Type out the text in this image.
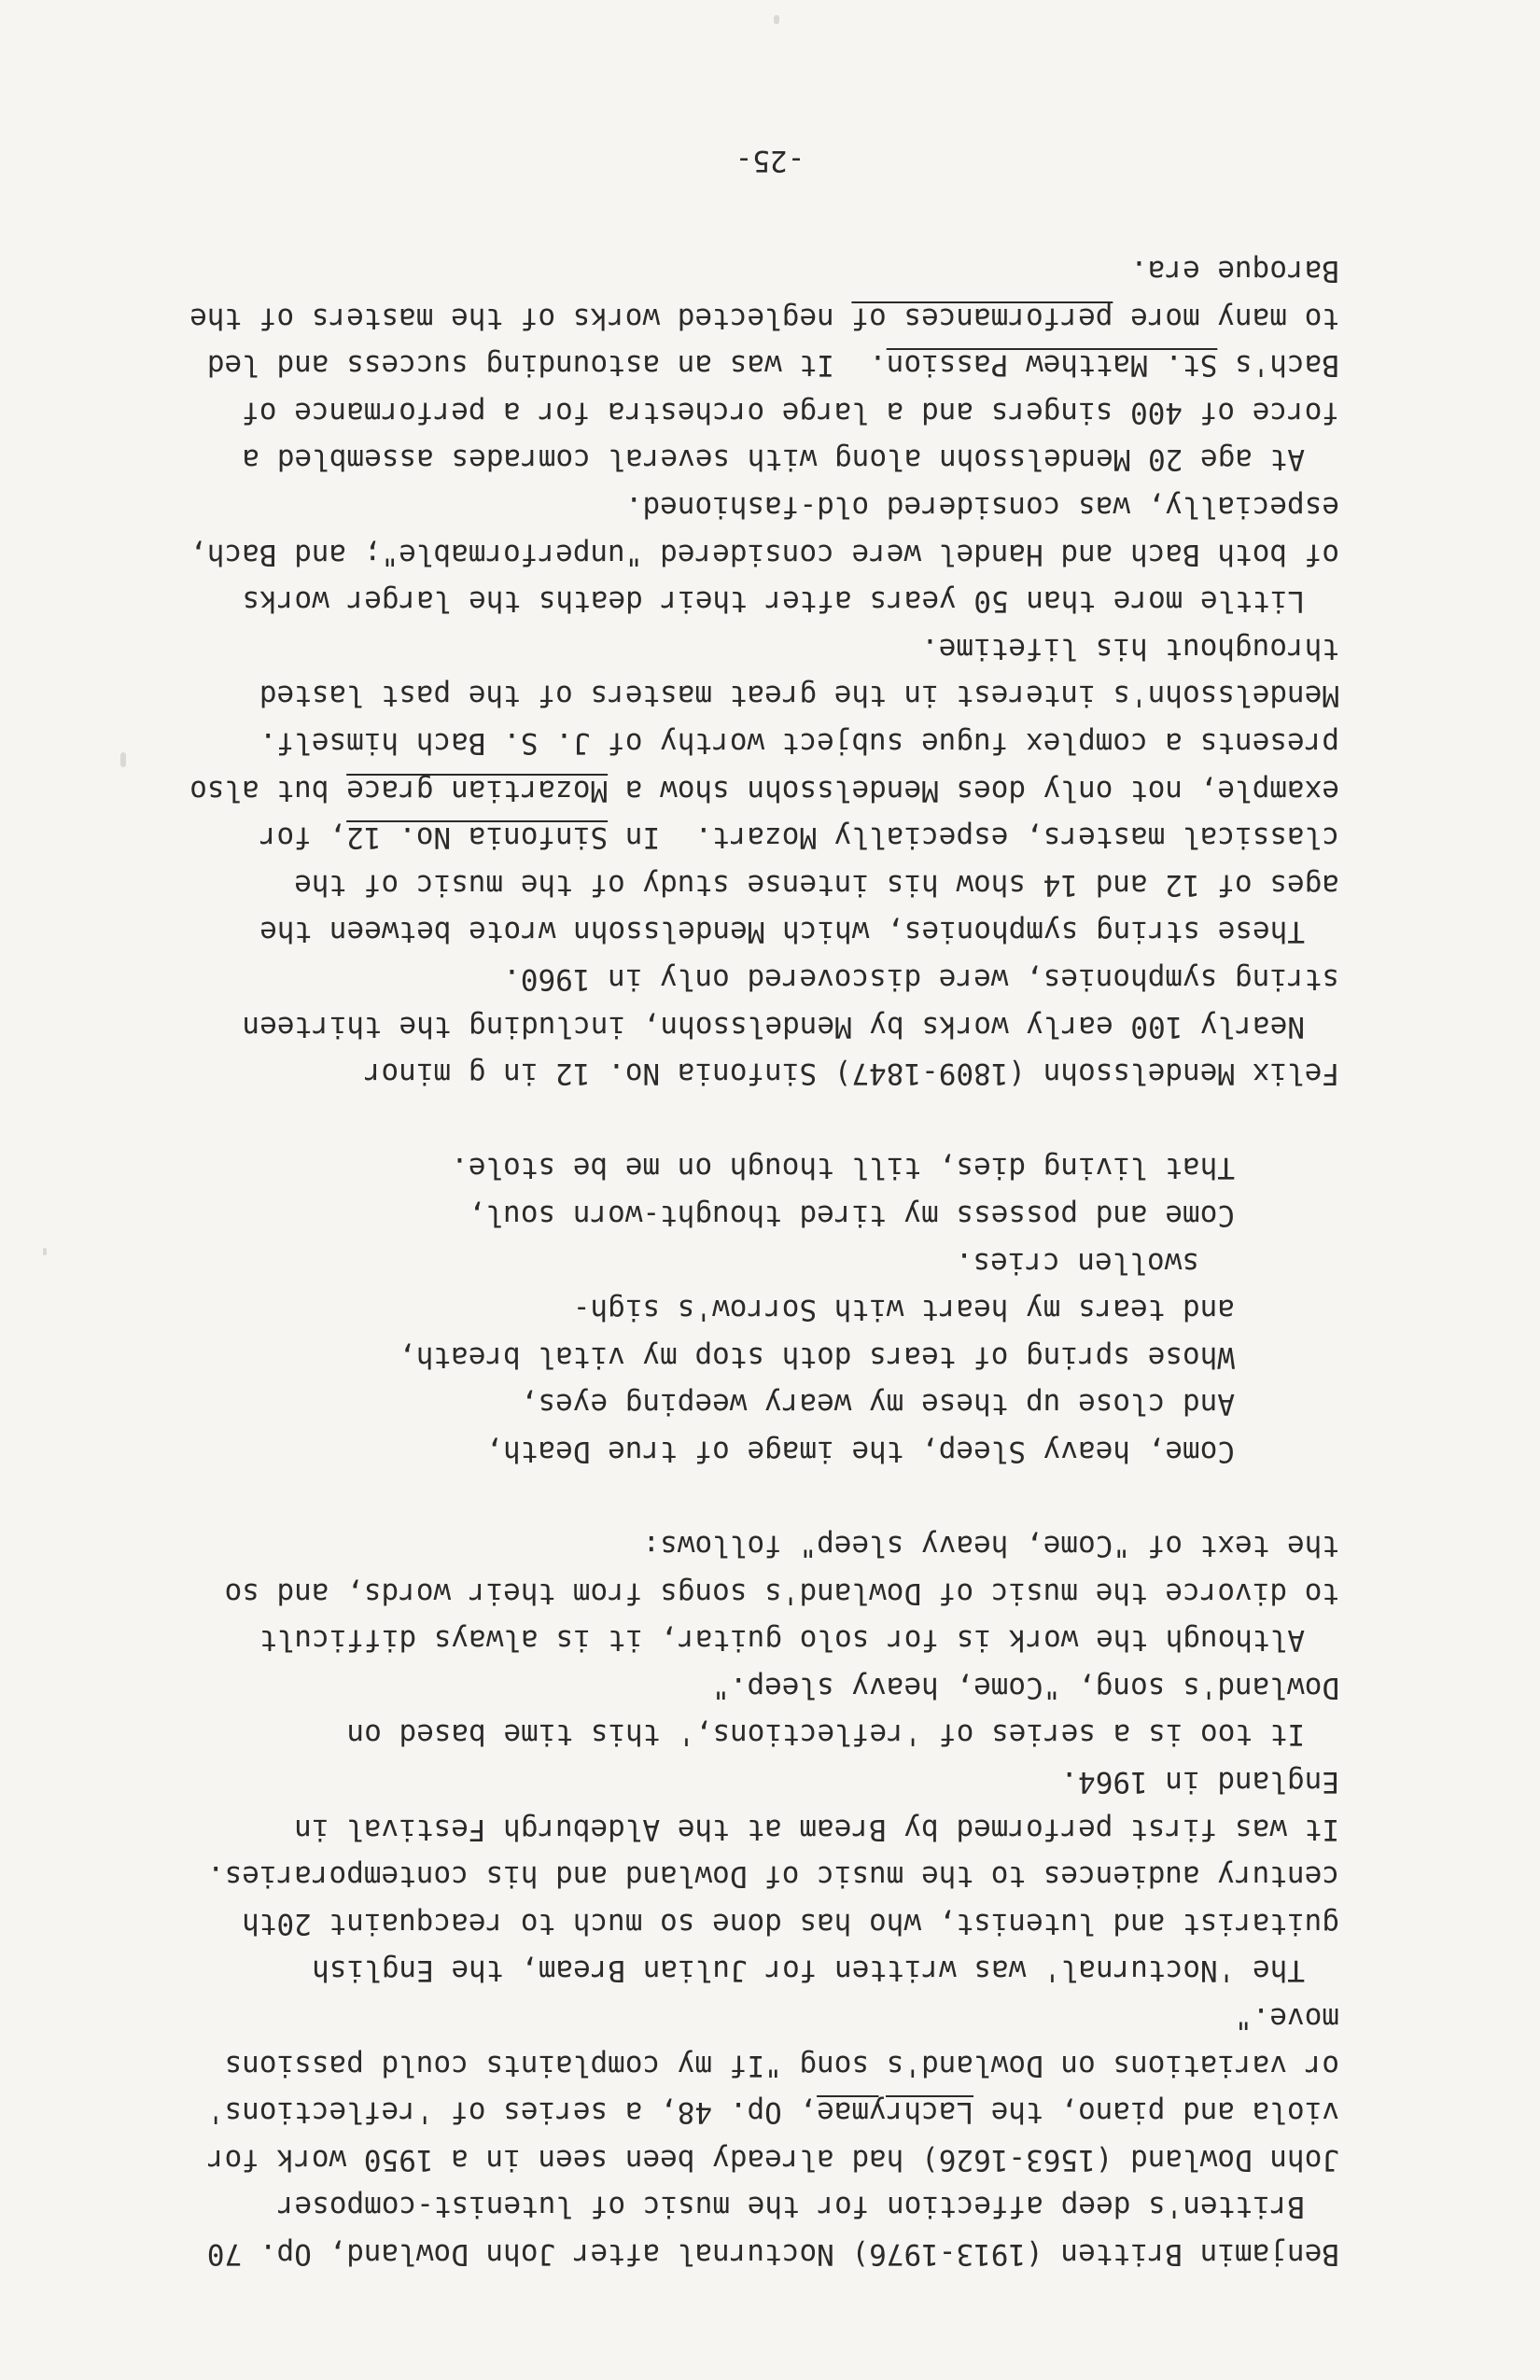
Benjamin Britten (1913-1976) Nocturnal after John Dowland, Op. 70
Britten's deep affection for the music of lutenist-composer
John Dowland (1563-1626) had already been seen in a 1950 work for
viola and piano, the Lachrymae, Op. 48, a series of 'reflections'
or variations on Dowland's song "If my complaints could passions
move."
The 'Nocturnal' was written for Julian Bream, the English
guitarist and lutenist, who has done so much to reacquaint 20th
century audiences to the music of Dowland and his contemporaries.
It was first performed by Bream at the Aldeburgh Festival in
England in 1964.
It too is a series of 'reflections,' this time based on
Dowland's song, "Come, heavy sleep."
Although the work is for solo guitar, it is always difficult
to divorce the music of Dowland's songs from their words, and so
the text of "Come, heavy sleep" follows:
Come, heavy Sleep, the image of true Death,
And close up these my weary weeping eyes,
Whose spring of tears doth stop my vital breath,
and tears my heart with Sorrow's sigh-
swollen cries.
Come and possess my tired thought-worn soul,
That living dies, till though on me be stole.
Felix Mendelssohn (1809-1847) Sinfonia No. 12 in g minor
Nearly 100 early works by Mendelssohn, including the thirteen
string symphonies, were discovered only in 1960.
These string symphonies, which Mendelssohn wrote between the
ages of 12 and 14 show his intense study of the music of the
classical masters, especially Mozart.  In Sinfonia No. 12, for
example, not only does Mendelssohn show a Mozartian grace but also
presents a complex fugue subject worthy of J. S. Bach himself.
Mendelssohn's interest in the great masters of the past lasted
throughout his lifetime.
Little more than 50 years after their deaths the larger works
of both Bach and Handel were considered "unperformable"; and Bach,
especially, was considered old-fashioned.
At age 20 Mendelssohn along with several comrades assembled a
force of 400 singers and a large orchestra for a performance of
Bach's St. Matthew Passion.  It was an astounding success and led
to many more performances of neglected works of the masters of the
Baroque era.
-25-
